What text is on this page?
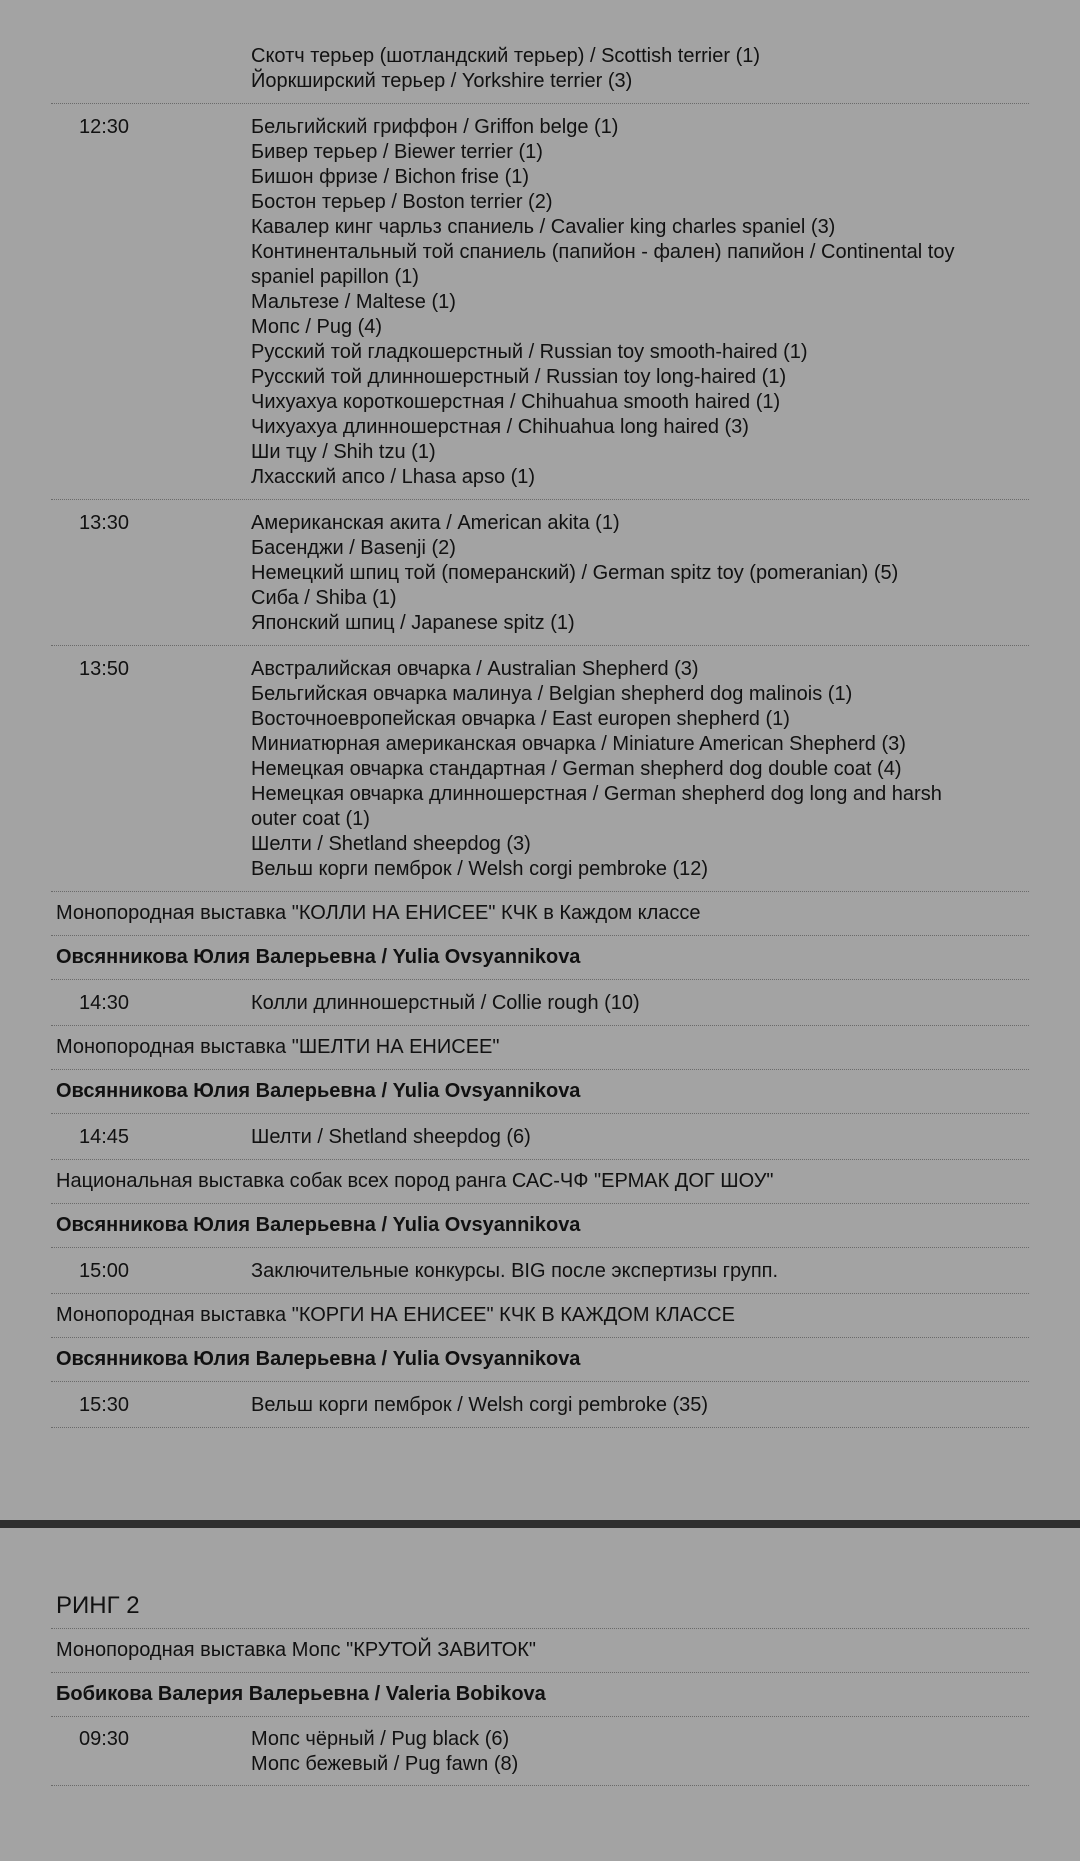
Скотч терьер (шотландский терьер) / Scottish terrier (1)
Йоркширский терьер / Yorkshire terrier (3)
12:30	Бельгийский гриффон / Griffon belge (1)
Бивер терьер / Biewer terrier (1)
Бишон фризе / Bichon frise (1)
Бостон терьер / Boston terrier (2)
Кавалер кинг чарльз спаниель / Cavalier king charles spaniel (3)
Континентальный той спаниель (папийон - фален) папийон / Continental toy
spaniel papillon (1)
Мальтезе / Maltese (1)
Мопс / Pug (4)
Русский той гладкошерстный / Russian toy smooth-haired (1)
Русский той длинношерстный / Russian toy long-haired (1)
Чихуахуа короткошерстная / Chihuahua smooth haired (1)
Чихуахуа длинношерстная / Chihuahua long haired (3)
Ши тцу / Shih tzu (1)
Лхасский апсо / Lhasa apso (1)
13:30	Американская акита / American akita (1)
Басенджи / Basenji (2)
Немецкий шпиц той (померанский) / German spitz toy (pomeranian) (5)
Сиба / Shiba (1)
Японский шпиц / Japanese spitz (1)
13:50	Австралийская овчарка / Australian Shepherd (3)
Бельгийская овчарка малинуа / Belgian shepherd dog malinois (1)
Восточноевропейская овчарка / East europen shepherd (1)
Миниатюрная американская овчарка / Miniature American Shepherd (3)
Немецкая овчарка стандартная / German shepherd dog double coat (4)
Немецкая овчарка длинношерстная / German shepherd dog long and harsh
outer coat (1)
Шелти / Shetland sheepdog (3)
Вельш корги пемброк / Welsh corgi pembroke (12)
Монопородная выставка "КОЛЛИ НА ЕНИСЕЕ" КЧК в Каждом классе
Овсянникова Юлия Валерьевна / Yulia Ovsyannikova
14:30	Колли длинношерстный / Collie rough (10)
Монопородная выставка "ШЕЛТИ НА ЕНИСЕЕ"
Овсянникова Юлия Валерьевна / Yulia Ovsyannikova
14:45	Шелти / Shetland sheepdog (6)
Национальная выставка собак всех пород ранга САС-ЧФ "ЕРМАК ДОГ ШОУ"
Овсянникова Юлия Валерьевна / Yulia Ovsyannikova
15:00	Заключительные конкурсы. BIG после экспертизы групп.
Монопородная выставка "КОРГИ НА ЕНИСЕЕ" КЧК В КАЖДОМ КЛАССЕ
Овсянникова Юлия Валерьевна / Yulia Ovsyannikova
15:30	Вельш корги пемброк / Welsh corgi pembroke (35)
РИНГ 2
Монопородная выставка Мопс "КРУТОЙ ЗАВИТОК"
Бобикова Валерия Валерьевна / Valeria Bobikova
09:30	Мопс чёрный / Pug black (6)
Мопс бежевый / Pug fawn (8)
